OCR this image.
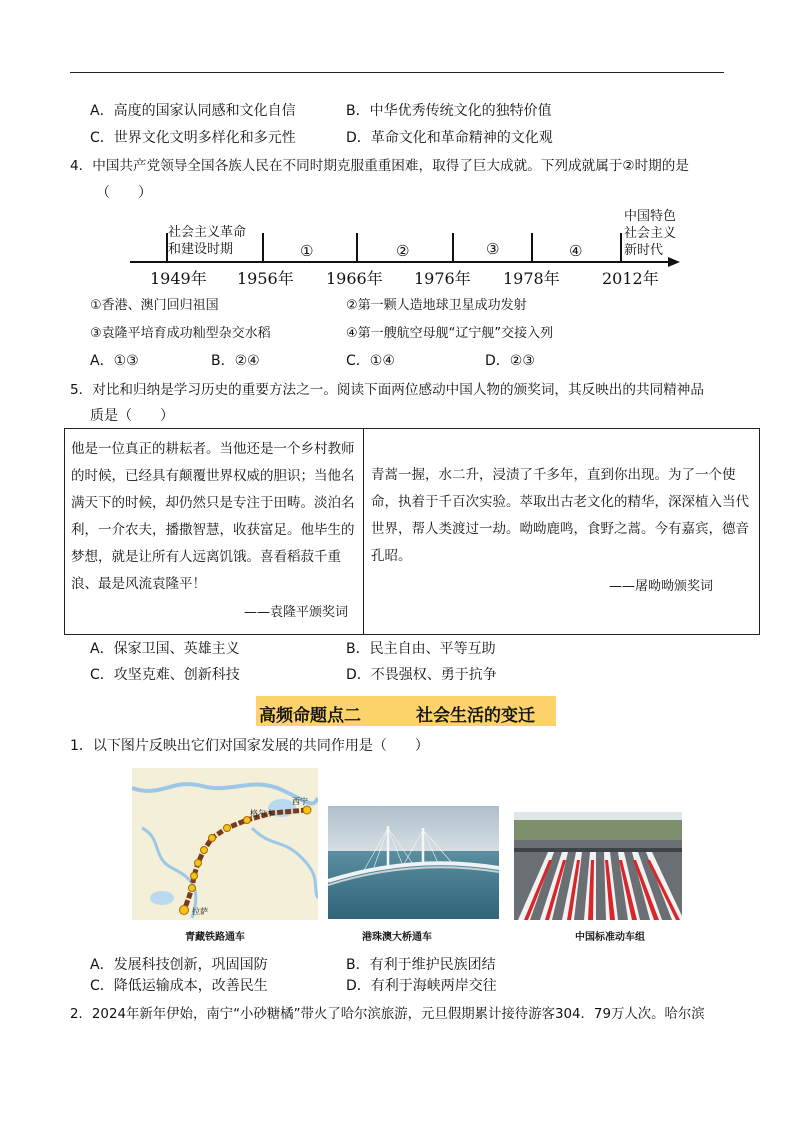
A．高度的国家认同感和文化自信	B．中华优秀传统文化的独特价值
C．世界文化文明多样化和多元性	D．革命文化和革命精神的文化观
4．中国共产党领导全国各族人民在不同时期克服重重困难，取得了巨大成就。下列成就属于②时期的是
（　　）
社会主义革命
和建设时期
中国特色
社会主义
新时代
①	②	③	④
1949年 1956年 1966年 1976年 1978年	2012年
①香港、澳门回归祖国	②第一颗人造地球卫星成功发射
③袁隆平培育成功籼型杂交水稻	④第一艘航空母舰“辽宁舰”交接入列
A．①③	B．②④	C．①④	D．②③
5．对比和归纳是学习历史的重要方法之一。阅读下面两位感动中国人物的颁奖词，其反映出的共同精神品
质是（　　）
他是一位真正的耕耘者。当他还是一个乡村教师的时候，已经具有颠覆世界权威的胆识；当他名满天下的时候，却仍然只是专注于田畴。淡泊名利，一介农夫，播撒智慧，收获富足。他毕生的梦想，就是让所有人远离饥饿。喜看稻菽千重浪、最是风流袁隆平！
——袁隆平颁奖词
青蒿一握，水二升，浸渍了千多年，直到你出现。为了一个使命，执着于千百次实验。萃取出古老文化的精华，深深植入当代世界，帮人类渡过一劫。呦呦鹿鸣，食野之蒿。今有嘉宾，德音孔昭。
——屠呦呦颁奖词
A．保家卫国、英雄主义	B．民主自由、平等互助
C．攻坚克难、创新科技	D．不畏强权、勇于抗争
高频命题点二	社会生活的变迁
1．以下图片反映出它们对国家发展的共同作用是（　　）
西宁
格尔木
拉萨
青藏铁路通车	港珠澳大桥通车	中国标准动车组
A．发展科技创新，巩固国防	B．有利于维护民族团结
C．降低运输成本，改善民生	D．有利于海峡两岸交往
2．2024年新年伊始，南宁“小砂糖橘”带火了哈尔滨旅游，元旦假期累计接待游客304．79万人次。哈尔滨
